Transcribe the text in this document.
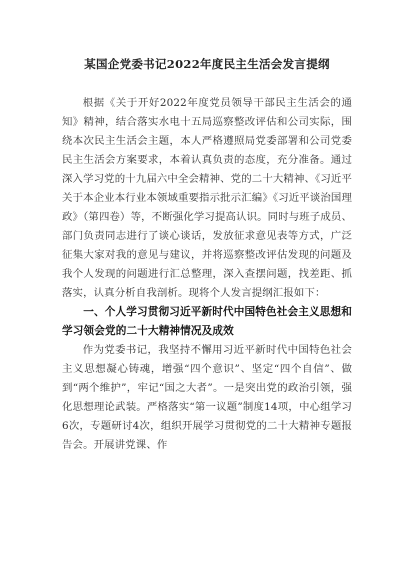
某国企党委书记2022年度民主生活会发言提纲

根据《关于开好2022年度党员领导干部民主生活会的通知》精神，结合落实水电十五局巡察整改评估和公司实际，围绕本次民主生活会主题，本人严格遵照局党委部署和公司党委民主生活会方案要求，本着认真负责的态度，充分准备。通过深入学习党的十九届六中全会精神、党的二十大精神、《习近平关于本企业本行业本领域重要指示批示汇编》《习近平谈治国理政》（第四卷）等，不断强化学习提高认识。同时与班子成员、部门负责同志进行了谈心谈话，发放征求意见表等方式，广泛征集大家对我的意见与建议，并将巡察整改评估发现的问题及我个人发现的问题进行汇总整理，深入查摆问题，找差距、抓落实，认真分析自我剖析。现将个人发言提纲汇报如下：

一、个人学习贯彻习近平新时代中国特色社会主义思想和学习领会党的二十大精神情况及成效

作为党委书记，我坚持不懈用习近平新时代中国特色社会主义思想凝心铸魂，增强“四个意识”、坚定“四个自信”、做到“两个维护”，牢记“国之大者”。一是突出党的政治引领，强化思想理论武装。严格落实“第一议题”制度14项，中心组学习6次，专题研讨4次，组织开展学习贯彻党的二十大精神专题报告会。开展讲党课、作
